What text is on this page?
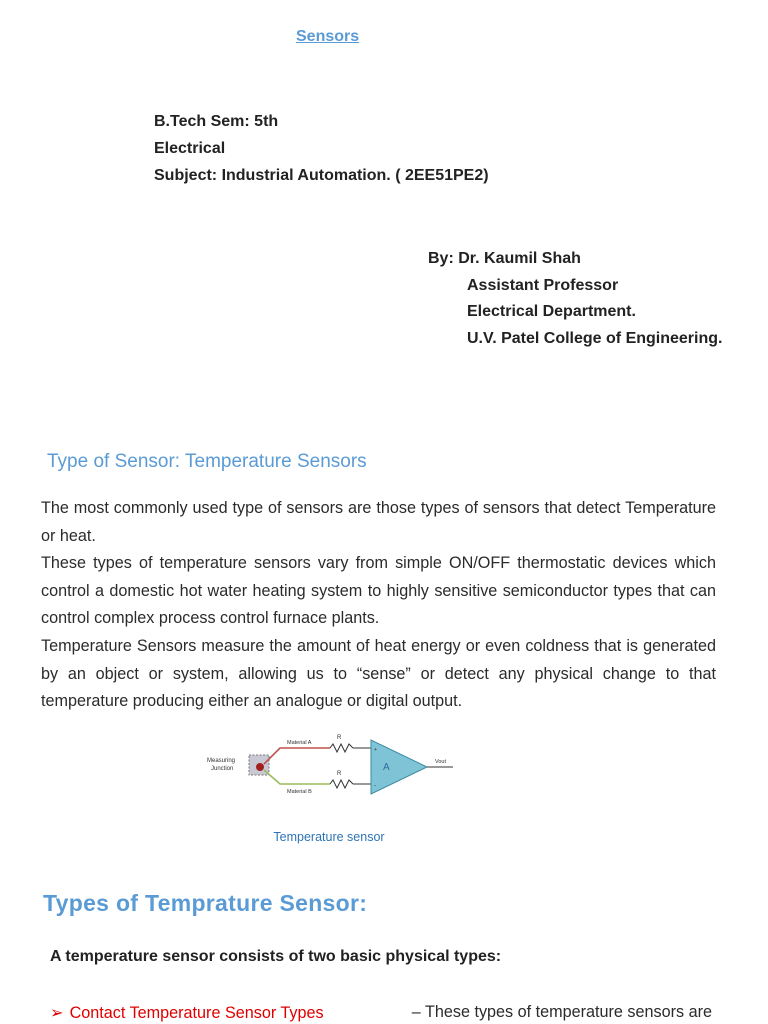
Sensors
B.Tech Sem: 5th
Electrical
Subject: Industrial Automation. ( 2EE51PE2)
By: Dr. Kaumil Shah
Assistant Professor
Electrical Department.
U.V. Patel College of Engineering.
Type of Sensor: Temperature Sensors

The most commonly used type of sensors are those types of sensors that detect Temperature or heat.

These types of temperature sensors vary from simple ON/OFF thermostatic devices which control a domestic hot water heating system to highly sensitive semiconductor types that can control complex process control furnace plants.

Temperature Sensors measure the amount of heat energy or even coldness that is generated by an object or system, allowing us to “sense” or detect any physical change to that temperature producing either an analogue or digital output.

Measuring
Junction
Material A
R
Material B
R
+
-
A	Vout
Temperature sensor
Types of Temprature Sensor:
A temperature sensor consists of two basic physical types:
➢ Contact Temperature Sensor Types	– These types of temperature sensors are
